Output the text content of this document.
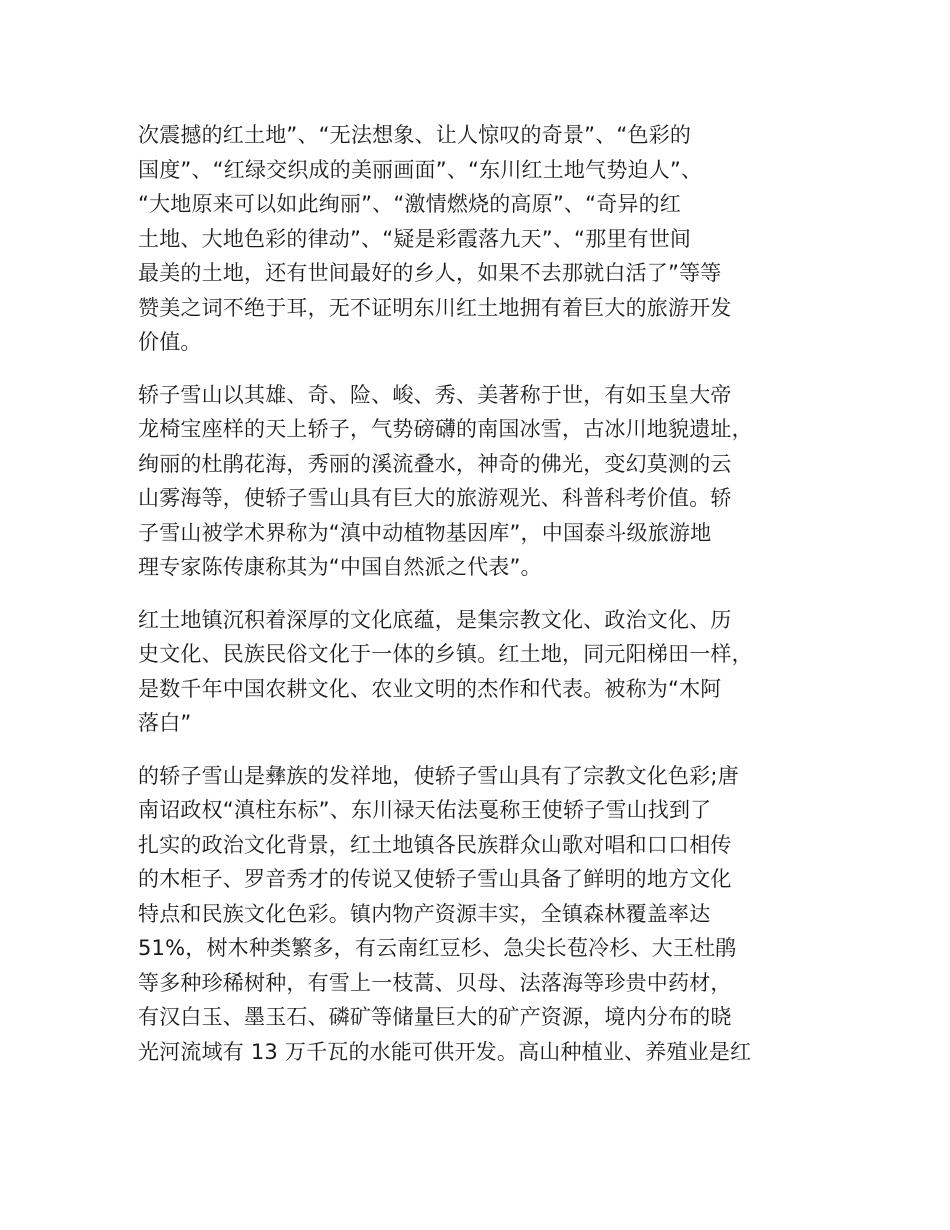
次震撼的红土地”、“无法想象、让人惊叹的奇景”、“色彩的
国度”、“红绿交织成的美丽画面”、“东川红土地气势迫人”、
“大地原来可以如此绚丽”、“激情燃烧的高原”、“奇异的红
土地、大地色彩的律动”、“疑是彩霞落九天”、“那里有世间
最美的土地，还有世间最好的乡人，如果不去那就白活了”等等
赞美之词不绝于耳，无不证明东川红土地拥有着巨大的旅游开发
价值。
轿子雪山以其雄、奇、险、峻、秀、美著称于世，有如玉皇大帝
龙椅宝座样的天上轿子，气势磅礴的南国冰雪，古冰川地貌遗址，
绚丽的杜鹃花海，秀丽的溪流叠水，神奇的佛光，变幻莫测的云
山雾海等，使轿子雪山具有巨大的旅游观光、科普科考价值。轿
子雪山被学术界称为“滇中动植物基因库”，中国泰斗级旅游地
理专家陈传康称其为“中国自然派之代表”。
红土地镇沉积着深厚的文化底蕴，是集宗教文化、政治文化、历
史文化、民族民俗文化于一体的乡镇。红土地，同元阳梯田一样，
是数千年中国农耕文化、农业文明的杰作和代表。被称为“木阿
落白”
的轿子雪山是彝族的发祥地，使轿子雪山具有了宗教文化色彩;唐
南诏政权“滇柱东标”、东川禄天佑法戛称王使轿子雪山找到了
扎实的政治文化背景，红土地镇各民族群众山歌对唱和口口相传
的木柜子、罗音秀才的传说又使轿子雪山具备了鲜明的地方文化
特点和民族文化色彩。镇内物产资源丰实，全镇森林覆盖率达
51%，树木种类繁多，有云南红豆杉、急尖长苞冷杉、大王杜鹃
等多种珍稀树种，有雪上一枝蒿、贝母、法落海等珍贵中药材，
有汉白玉、墨玉石、磷矿等储量巨大的矿产资源，境内分布的晓
光河流域有 13 万千瓦的水能可供开发。高山种植业、养殖业是红
